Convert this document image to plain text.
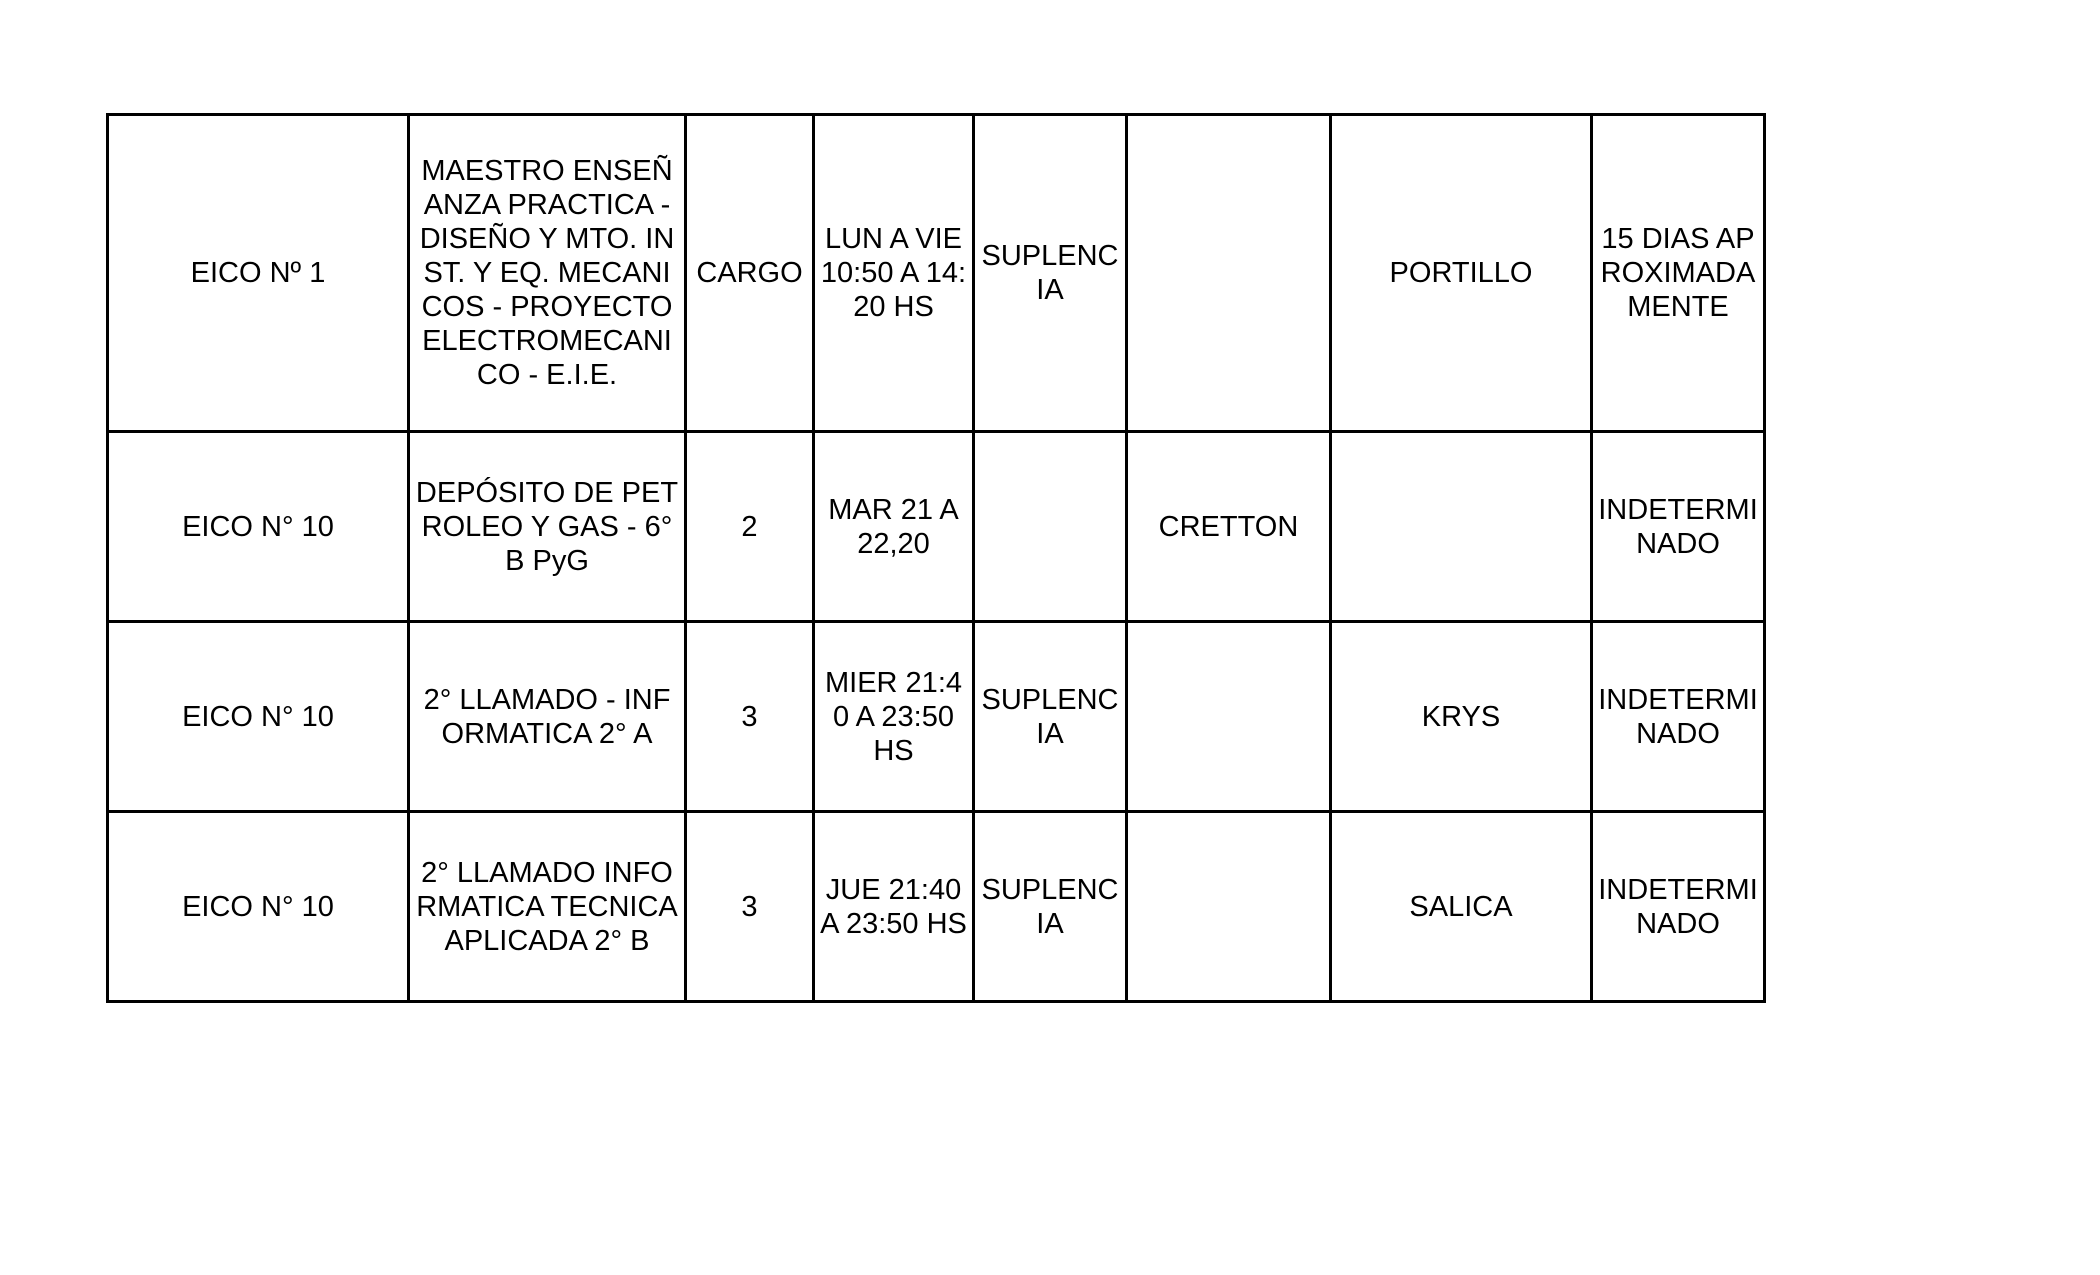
EICO Nº 1	MAESTRO ENSEÑANZA PRACTICA - DISEÑO Y MTO. INST. Y EQ. MECANICOS - PROYECTO ELECTROMECANICO - E.I.E.	CARGO	LUN A VIE 10:50 A 14:20 HS	SUPLENCIA		PORTILLO	15 DIAS APROXIMADAMENTE
EICO N° 10	DEPÓSITO DE PETROLEO Y GAS - 6° B PyG	2	MAR 21 A 22,20		CRETTON		INDETERMINADO
EICO N° 10	2° LLAMADO - INFORMATICA 2° A	3	MIER 21:40 A 23:50 HS	SUPLENCIA		KRYS	INDETERMINADO
EICO N° 10	2° LLAMADO INFORMATICA TECNICA APLICADA 2° B	3	JUE 21:40 A 23:50 HS	SUPLENCIA		SALICA	INDETERMINADO
